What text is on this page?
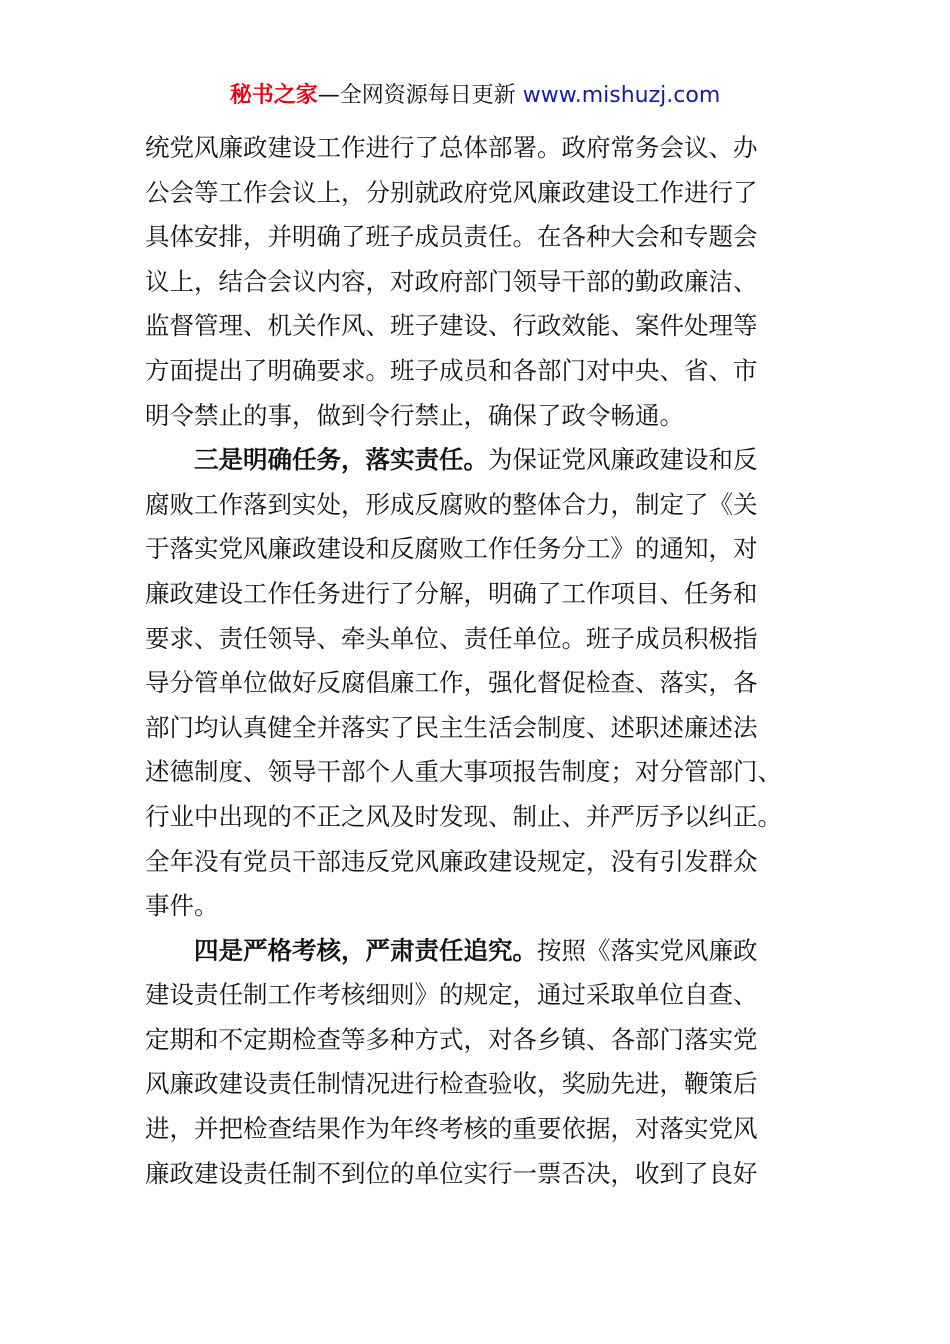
秘书之家—全网资源每日更新 www.mishuzj.com
统党风廉政建设工作进行了总体部署。政府常务会议、办
公会等工作会议上，分别就政府党风廉政建设工作进行了
具体安排，并明确了班子成员责任。在各种大会和专题会
议上，结合会议内容，对政府部门领导干部的勤政廉洁、
监督管理、机关作风、班子建设、行政效能、案件处理等
方面提出了明确要求。班子成员和各部门对中央、省、市
明令禁止的事，做到令行禁止，确保了政令畅通。
三是明确任务，落实责任。为保证党风廉政建设和反
腐败工作落到实处，形成反腐败的整体合力，制定了《关
于落实党风廉政建设和反腐败工作任务分工》的通知，对
廉政建设工作任务进行了分解，明确了工作项目、任务和
要求、责任领导、牵头单位、责任单位。班子成员积极指
导分管单位做好反腐倡廉工作，强化督促检查、落实，各
部门均认真健全并落实了民主生活会制度、述职述廉述法
述德制度、领导干部个人重大事项报告制度；对分管部门、
行业中出现的不正之风及时发现、制止、并严厉予以纠正。
全年没有党员干部违反党风廉政建设规定，没有引发群众
事件。
四是严格考核，严肃责任追究。按照《落实党风廉政
建设责任制工作考核细则》的规定，通过采取单位自查、
定期和不定期检查等多种方式，对各乡镇、各部门落实党
风廉政建设责任制情况进行检查验收，奖励先进，鞭策后
进，并把检查结果作为年终考核的重要依据，对落实党风
廉政建设责任制不到位的单位实行一票否决，收到了良好
